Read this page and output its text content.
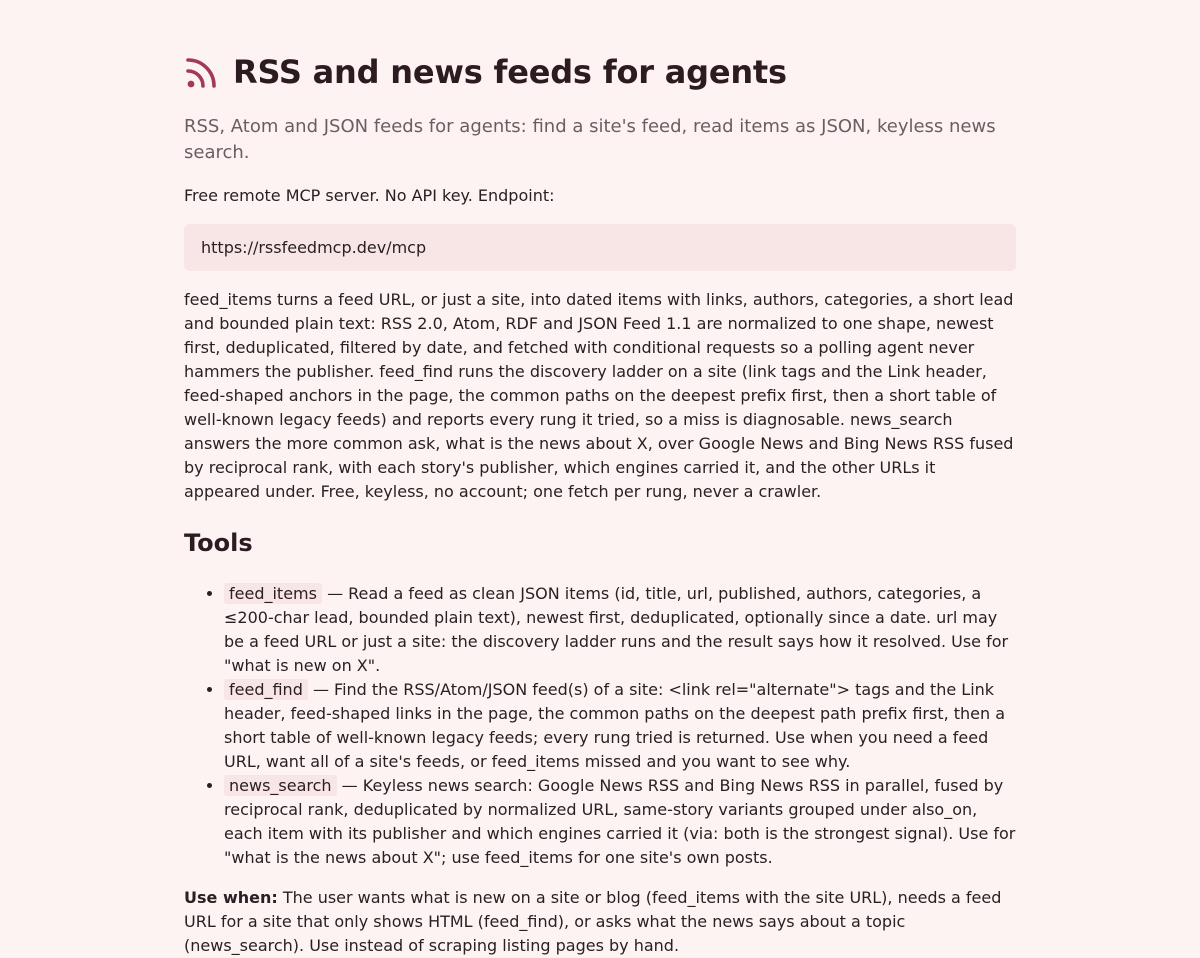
RSS and news feeds for agents

RSS, Atom and JSON feeds for agents: find a site's feed, read items as JSON, keyless news search.

Free remote MCP server. No API key. Endpoint:

https://rssfeedmcp.dev/mcp

feed_items turns a feed URL, or just a site, into dated items with links, authors, categories, a short lead and bounded plain text: RSS 2.0, Atom, RDF and JSON Feed 1.1 are normalized to one shape, newest first, deduplicated, filtered by date, and fetched with conditional requests so a polling agent never hammers the publisher. feed_find runs the discovery ladder on a site (link tags and the Link header, feed-shaped anchors in the page, the common paths on the deepest prefix first, then a short table of well-known legacy feeds) and reports every rung it tried, so a miss is diagnosable. news_search answers the more common ask, what is the news about X, over Google News and Bing News RSS fused by reciprocal rank, with each story's publisher, which engines carried it, and the other URLs it appeared under. Free, keyless, no account; one fetch per rung, never a crawler.

Tools
• feed_items — Read a feed as clean JSON items (id, title, url, published, authors, categories, a ≤200-char lead, bounded plain text), newest first, deduplicated, optionally since a date. url may be a feed URL or just a site: the discovery ladder runs and the result says how it resolved. Use for "what is new on X".
• feed_find — Find the RSS/Atom/JSON feed(s) of a site: <link rel="alternate"> tags and the Link header, feed-shaped links in the page, the common paths on the deepest path prefix first, then a short table of well-known legacy feeds; every rung tried is returned. Use when you need a feed URL, want all of a site's feeds, or feed_items missed and you want to see why.
• news_search — Keyless news search: Google News RSS and Bing News RSS in parallel, fused by reciprocal rank, deduplicated by normalized URL, same-story variants grouped under also_on, each item with its publisher and which engines carried it (via: both is the strongest signal). Use for "what is the news about X"; use feed_items for one site's own posts.

Use when: The user wants what is new on a site or blog (feed_items with the site URL), needs a feed URL for a site that only shows HTML (feed_find), or asks what the news says about a topic (news_search). Use instead of scraping listing pages by hand.
